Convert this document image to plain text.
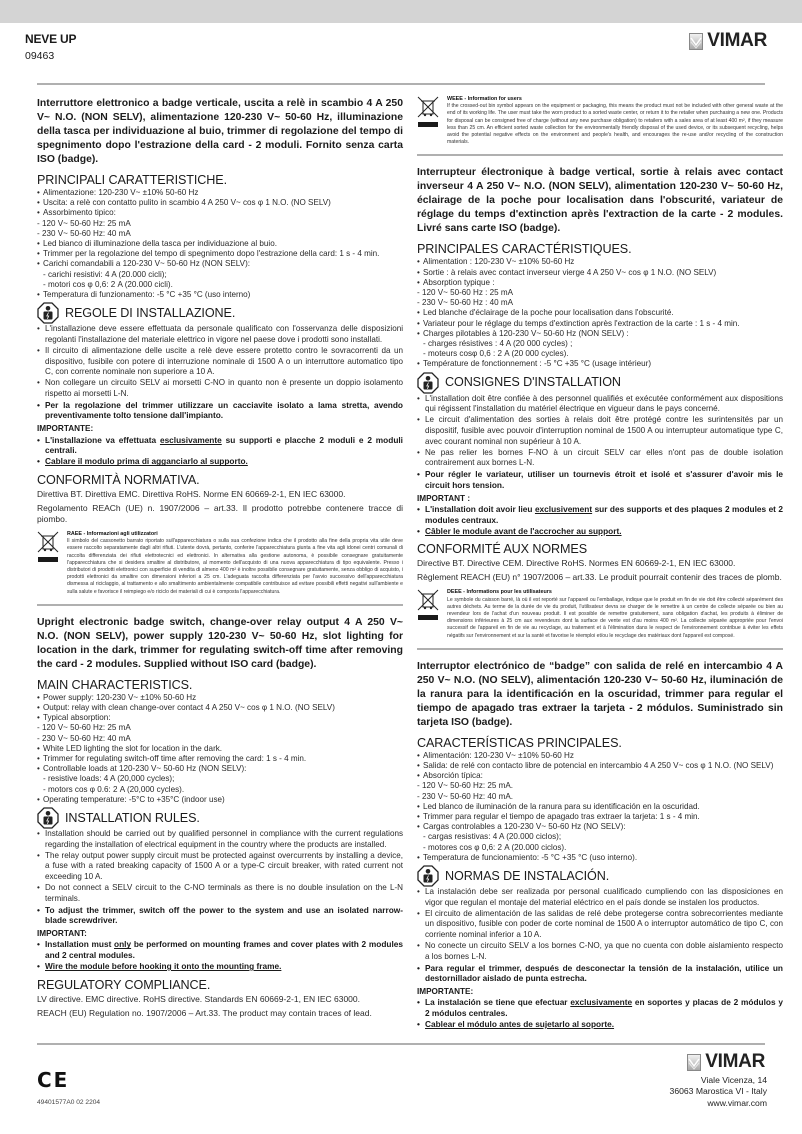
NEVE UP
09463
VIMAR

Interruttore elettronico a badge verticale, uscita a relè in scambio 4 A 250 V~ N.O. (NON SELV), alimentazione 120-230 V~ 50-60 Hz, illuminazione della tasca per individuazione al buio, trimmer di regolazione del tempo di spegnimento dopo l'estrazione della card - 2 moduli. Fornito senza carta ISO (badge).

PRINCIPALI CARATTERISTICHE.
• Alimentazione: 120-230 V~ ±10% 50-60 Hz
• Uscita: a relè con contatto pulito in scambio 4 A 250 V~ cos φ 1 N.O. (NO SELV)
• Assorbimento tipico:
- 120 V~ 50-60 Hz: 25 mA
- 230 V~ 50-60 Hz: 40 mA
• Led bianco di illuminazione della tasca per individuazione al buio.
• Trimmer per la regolazione del tempo di spegnimento dopo l'estrazione della card: 1 s - 4 min.
• Carichi comandabili a 120-230 V~ 50-60 Hz (NON SELV):
- carichi resistivi: 4 A (20.000 cicli);
- motori cos φ 0,6: 2 A (20.000 cicli).
• Temperatura di funzionamento: -5 °C +35 °C (uso interno)
REGOLE DI INSTALLAZIONE.
• L'installazione deve essere effettuata da personale qualificato con l'osservanza delle disposizioni regolanti l'installazione del materiale elettrico in vigore nel paese dove i prodotti sono installati.
• Il circuito di alimentazione delle uscite a relè deve essere protetto contro le sovracorrenti da un dispositivo, fusibile con potere di interruzione nominale di 1500 A o un interruttore automatico tipo C, con corrente nominale non superiore a 10 A.
• Non collegare un circuito SELV ai morsetti C-NO in quanto non è presente un doppio isolamento rispetto ai morsetti L-N.
• Per la regolazione del trimmer utilizzare un cacciavite isolato a lama stretta, avendo preventivamente tolto tensione dall'impianto.
IMPORTANTE:
• L'installazione va effettuata esclusivamente su supporti e placche 2 moduli e 2 moduli centrali.
• Cablare il modulo prima di agganciarlo al supporto.
CONFORMITÀ NORMATIVA.

Direttiva BT. Direttiva EMC. Direttiva RoHS. Norme EN 60669-2-1, EN IEC 63000.

Regolamento REACh (UE) n. 1907/2006 – art.33. Il prodotto potrebbe contenere tracce di piombo.

RAEE - Informazioni agli utilizzatori
Il simbolo del cassonetto barrato riportato sull'apparecchiatura o sulla sua confezione indica che il prodotto alla fine della propria vita utile deve essere raccolto separatamente dagli altri rifiuti. L'utente dovrà, pertanto, conferire l'apparecchiatura giunta a fine vita agli idonei centri comunali di raccolta differenziata dei rifiuti elettrotecnici ed elettronici. In alternativa alla gestione autonoma, è possibile consegnare gratuitamente l'apparecchiatura che si desidera smaltire al distributore, al momento dell'acquisto di una nuova apparecchiatura di tipo equivalente. Presso i distributori di prodotti elettronici con superficie di vendita di almeno 400 m² è inoltre possibile consegnare gratuitamente, senza obbligo di acquisto, i prodotti elettronici da smaltire con dimensioni inferiori a 25 cm. L'adeguata raccolta differenziata per l'avvio successivo dell'apparecchiatura dismessa al riciclaggio, al trattamento e allo smaltimento ambientalmente compatibile contribuisce ad evitare possibili effetti negativi sull'ambiente e sulla salute e favorisce il reimpiego e/o riciclo dei materiali di cui è composta l'apparecchiatura.

Upright electronic badge switch, change-over relay output 4 A 250 V~ N.O. (NON SELV), power supply 120-230 V~ 50-60 Hz, slot lighting for location in the dark, trimmer for regulating switch-off time after removing the card - 2 modules. Supplied without ISO card (badge).

MAIN CHARACTERISTICS.
• Power supply: 120-230 V~ ±10% 50-60 Hz
• Output: relay with clean change-over contact 4 A 250 V~ cos φ 1 N.O. (NO SELV)
• Typical absorption:
- 120 V~ 50-60 Hz: 25 mA
- 230 V~ 50-60 Hz: 40 mA
• White LED lighting the slot for location in the dark.
• Trimmer for regulating switch-off time after removing the card: 1 s - 4 min.
• Controllable loads at 120-230 V~ 50-60 Hz (NON SELV):
- resistive loads: 4 A (20,000 cycles);
- motors cos φ 0.6: 2 A (20,000 cycles).
• Operating temperature: -5°C to +35°C (indoor use)
INSTALLATION RULES.
• Installation should be carried out by qualified personnel in compliance with the current regulations regarding the installation of electrical equipment in the country where the products are installed.
• The relay output power supply circuit must be protected against overcurrents by installing a device, a fuse with a rated breaking capacity of 1500 A or a type-C circuit breaker, with rated current not exceeding 10 A.
• Do not connect a SELV circuit to the C-NO terminals as there is no double insulation on the L-N terminals.
• To adjust the trimmer, switch off the power to the system and use an isolated narrow-blade screwdriver.
IMPORTANT:
• Installation must only be performed on mounting frames and cover plates with 2 modules and 2 central modules.
• Wire the module before hooking it onto the mounting frame.
REGULATORY COMPLIANCE.

LV directive. EMC directive. RoHS directive. Standards EN 60669-2-1, EN IEC 63000.

REACH (EU) Regulation no. 1907/2006 – Art.33. The product may contain traces of lead.

WEEE - Information for users
If the crossed-out bin symbol appears on the equipment or packaging, this means the product must not be included with other general waste at the end of its working life. The user must take the worn product to a sorted waste center, or return it to the retailer when purchasing a new one. Products for disposal can be consigned free of charge (without any new purchase obligation) to retailers with a sales area of at least 400 m², if they measure less than 25 cm. An efficient sorted waste collection for the environmentally friendly disposal of the used device, or its subsequent recycling, helps avoid the potential negative effects on the environment and people's health, and encourages the re-use and/or recycling of the construction materials.

Interrupteur électronique à badge vertical, sortie à relais avec contact inverseur 4 A 250 V~ N.O. (NON SELV), alimentation 120-230 V~ 50-60 Hz, éclairage de la poche pour localisation dans l'obscurité, variateur de réglage du temps d'extinction après l'extraction de la carte - 2 modules. Livré sans carte ISO (badge).

PRINCIPALES CARACTÉRISTIQUES.
• Alimentation : 120-230 V~ ±10% 50-60 Hz
• Sortie : à relais avec contact inverseur vierge 4 A 250 V~ cos φ 1 N.O. (NO SELV)
• Absorption typique :
- 120 V~ 50-60 Hz : 25 mA
- 230 V~ 50-60 Hz : 40 mA
• Led blanche d'éclairage de la poche pour localisation dans l'obscurité.
• Variateur pour le réglage du temps d'extinction après l'extraction de la carte : 1 s - 4 min.
• Charges pilotables à 120-230 V~ 50-60 Hz (NON SELV) :
- charges résistives : 4 A (20 000 cycles) ;
- moteurs cosφ 0,6 : 2 A (20 000 cycles).
• Température de fonctionnement : -5 °C +35 °C (usage intérieur)
CONSIGNES D'INSTALLATION
• L'installation doit être confiée à des personnel qualifiés et exécutée conformément aux dispositions qui régissent l'installation du matériel électrique en vigueur dans le pays concerné.
• Le circuit d'alimentation des sorties à relais doit être protégé contre les surintensités par un dispositif, fusible avec pouvoir d'interruption nominal de 1500 A ou interrupteur automatique type C, avec courant nominal non supérieur à 10 A.
• Ne pas relier les bornes F-NO à un circuit SELV car elles n'ont pas de double isolation contrairement aux bornes L-N.
• Pour régler le variateur, utiliser un tournevis étroit et isolé et s'assurer d'avoir mis le circuit hors tension.
IMPORTANT :
• L'installation doit avoir lieu exclusivement sur des supports et des plaques 2 modules et 2 modules centraux.
• Câbler le module avant de l'accrocher au support.
CONFORMITÉ AUX NORMES

Directive BT. Directive CEM. Directive RoHS. Normes EN 60669-2-1, EN IEC 63000.

Règlement REACH (EU) n° 1907/2006 – art.33. Le produit pourrait contenir des traces de plomb.

DEEE - Informations pour les utilisateurs
Le symbole du caisson barré, là où il est reporté sur l'appareil ou l'emballage, indique que le produit en fin de vie doit être collecté séparément des autres déchets. Au terme de la durée de vie du produit, l'utilisateur devra se charger de le remettre à un centre de collecte séparée ou bien au revendeur lors de l'achat d'un nouveau produit. Il est possible de remettre gratuitement, sans obligation d'achat, les produits à éliminer de dimensions inférieures à 25 cm aux revendeurs dont la surface de vente est d'au moins 400 m². La collecte séparée appropriée pour l'envoi successif de l'appareil en fin de vie au recyclage, au traitement et à l'élimination dans le respect de l'environnement contribue à éviter les effets négatifs sur l'environnement et sur la santé et favorise le réemploi et/ou le recyclage des matériaux dont l'appareil est composé.

Interruptor electrónico de “badge” con salida de relé en intercambio 4 A 250 V~ N.O. (NO SELV), alimentación 120-230 V~ 50-60 Hz, iluminación de la ranura para la identificación en la oscuridad, trimmer para regular el tiempo de apagado tras extraer la tarjeta - 2 módulos. Suministrado sin tarjeta ISO (badge).

CARACTERÍSTICAS PRINCIPALES.
• Alimentación: 120-230 V~ ±10% 50-60 Hz
• Salida: de relé con contacto libre de potencial en intercambio 4 A 250 V~ cos φ 1 N.O. (NO SELV)
• Absorción típica:
- 120 V~ 50-60 Hz: 25 mA.
- 230 V~ 50-60 Hz: 40 mA.
• Led blanco de iluminación de la ranura para su identificación en la oscuridad.
• Trimmer para regular el tiempo de apagado tras extraer la tarjeta: 1 s - 4 min.
• Cargas controlables a 120-230 V~ 50-60 Hz (NO SELV):
- cargas resistivas: 4 A (20.000 ciclos);
- motores cos φ 0,6: 2 A (20.000 ciclos).
• Temperatura de funcionamiento: -5 °C +35 °C (uso interno).
NORMAS DE INSTALACIÓN.
• La instalación debe ser realizada por personal cualificado cumpliendo con las disposiciones en vigor que regulan el montaje del material eléctrico en el país donde se instalen los productos.
• El circuito de alimentación de las salidas de relé debe protegerse contra sobrecorrientes mediante un dispositivo, fusible con poder de corte nominal de 1500 A o interruptor automático de tipo C, con corriente nominal inferior a 10 A.
• No conecte un circuito SELV a los bornes C-NO, ya que no cuenta con doble aislamiento respecto a los bornes L-N.
• Para regular el trimmer, después de desconectar la tensión de la instalación, utilice un destornillador aislado de punta estrecha.
IMPORTANTE:
• La instalación se tiene que efectuar exclusivamente en soportes y placas de 2 módulos y 2 módulos centrales.
• Cablear el módulo antes de sujetarlo al soporte.
CE
49401577A0 02 2204
VIMAR
Viale Vicenza, 14
36063 Marostica VI - Italy
www.vimar.com
